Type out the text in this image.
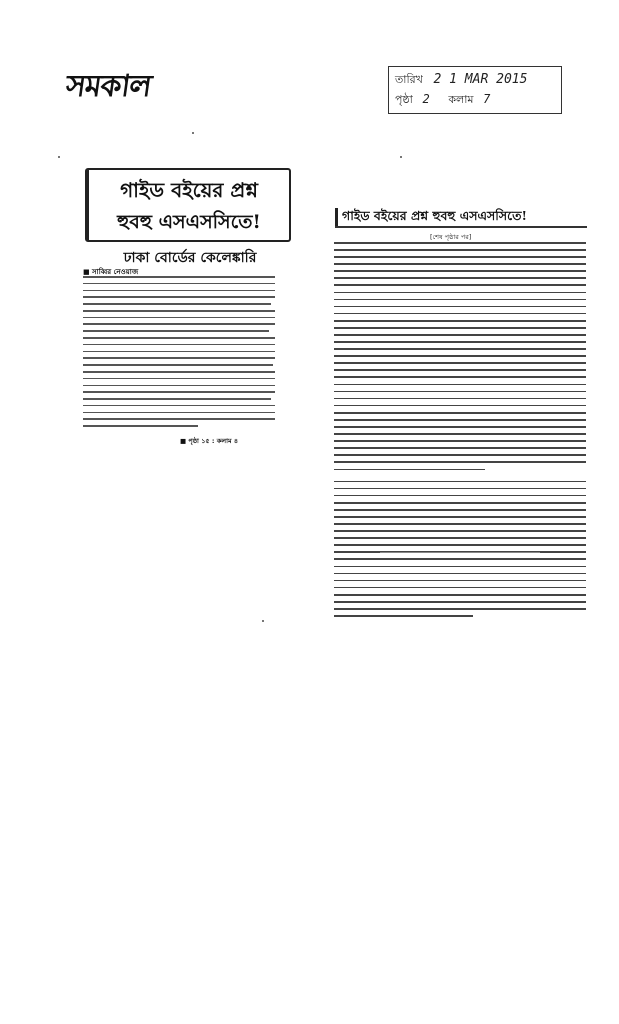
সমকাল	তারিখ 2 1 MAR 2015
পৃষ্ঠা 2 কলাম 7
গাইড বইয়ের প্রশ্ন
হুবহু এসএসসিতে!
ঢাকা বোর্ডের কেলেঙ্কারি
■ সাব্বির নেওয়াজ
■ পৃষ্ঠা ১৫ : কলাম ৪
গাইড বইয়ের প্রশ্ন হুবহু এসএসসিতে!
[শেষ পৃষ্ঠার পর]
